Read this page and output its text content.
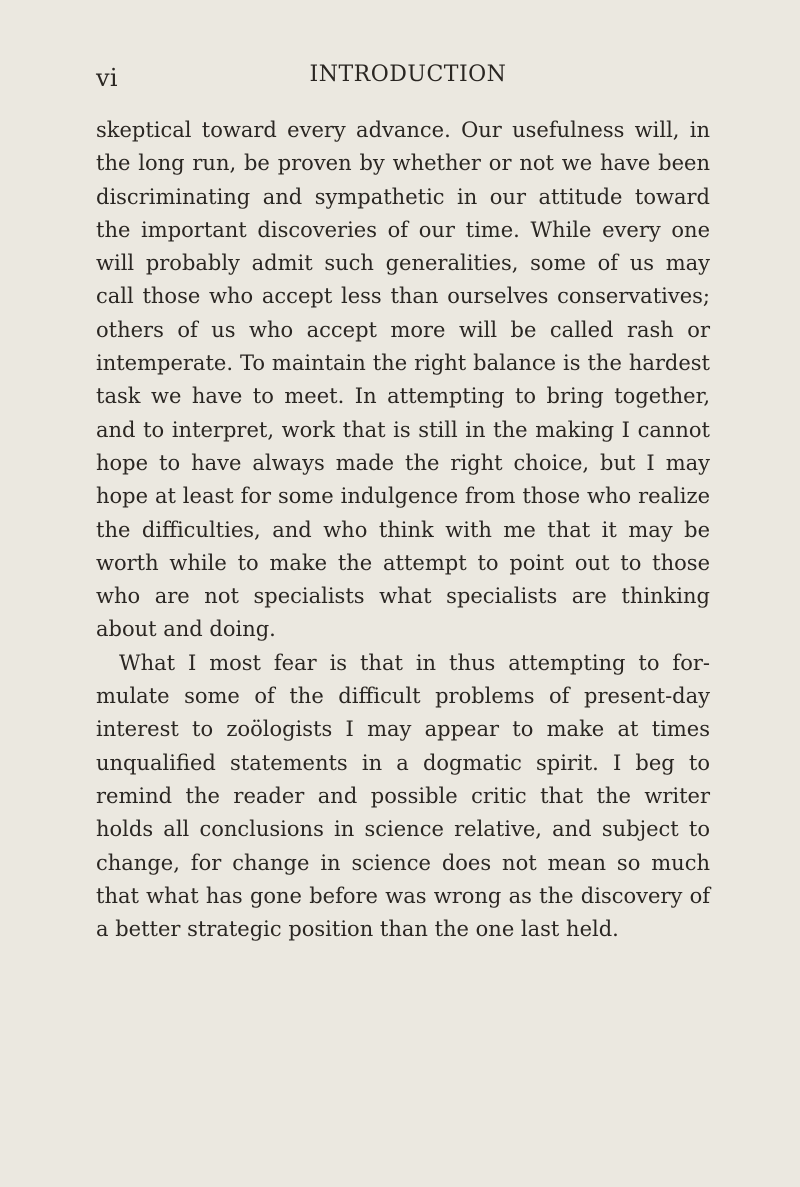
vi	INTRODUCTION

skeptical toward every advance. Our usefulness will, in the long run, be proven by whether or not we have been discriminating and sympathetic in our attitude toward the important discoveries of our time. While every one will probably admit such generalities, some of us may call those who accept less than ourselves conservatives; others of us who accept more will be called rash or intemperate. To maintain the right balance is the hardest task we have to meet. In attempting to bring together, and to interpret, work that is still in the making I cannot hope to have always made the right choice, but I may hope at least for some indulgence from those who realize the difficulties, and who think with me that it may be worth while to make the attempt to point out to those who are not specialists what specialists are thinking about and doing.

What I most fear is that in thus attempting to formulate some of the difficult problems of present-day interest to zoölogists I may appear to make at times unqualified statements in a dogmatic spirit. I beg to remind the reader and possible critic that the writer holds all conclusions in science relative, and subject to change, for change in science does not mean so much that what has gone before was wrong as the discovery of a better strategic position than the one last held.
